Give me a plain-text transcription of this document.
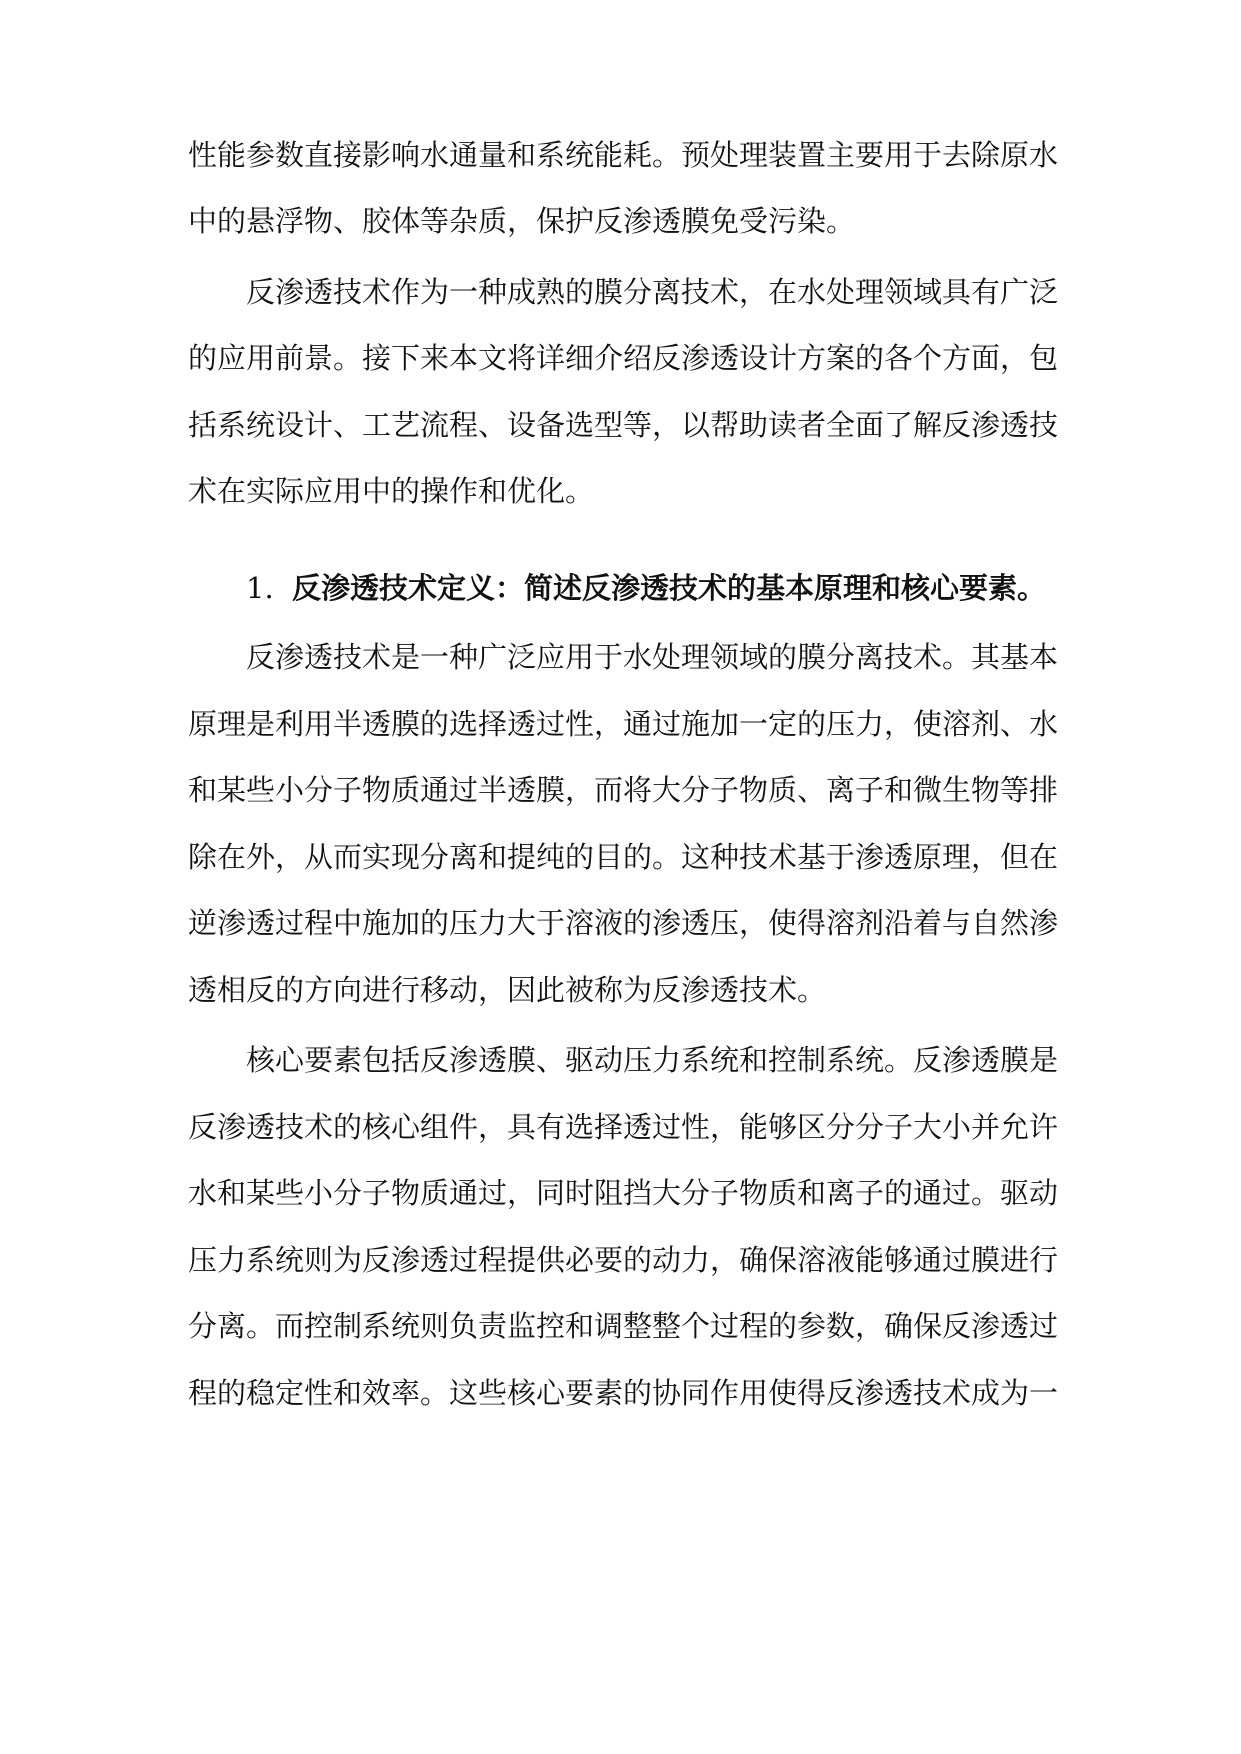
性能参数直接影响水通量和系统能耗。预处理装置主要用于去除原水
中的悬浮物、胶体等杂质，保护反渗透膜免受污染。
反渗透技术作为一种成熟的膜分离技术，在水处理领域具有广泛
的应用前景。接下来本文将详细介绍反渗透设计方案的各个方面，包
括系统设计、工艺流程、设备选型等，以帮助读者全面了解反渗透技
术在实际应用中的操作和优化。
1. 反渗透技术定义：简述反渗透技术的基本原理和核心要素。
反渗透技术是一种广泛应用于水处理领域的膜分离技术。其基本
原理是利用半透膜的选择透过性，通过施加一定的压力，使溶剂、水
和某些小分子物质通过半透膜，而将大分子物质、离子和微生物等排
除在外，从而实现分离和提纯的目的。这种技术基于渗透原理，但在
逆渗透过程中施加的压力大于溶液的渗透压，使得溶剂沿着与自然渗
透相反的方向进行移动，因此被称为反渗透技术。
核心要素包括反渗透膜、驱动压力系统和控制系统。反渗透膜是
反渗透技术的核心组件，具有选择透过性，能够区分分子大小并允许
水和某些小分子物质通过，同时阻挡大分子物质和离子的通过。驱动
压力系统则为反渗透过程提供必要的动力，确保溶液能够通过膜进行
分离。而控制系统则负责监控和调整整个过程的参数，确保反渗透过
程的稳定性和效率。这些核心要素的协同作用使得反渗透技术成为一
